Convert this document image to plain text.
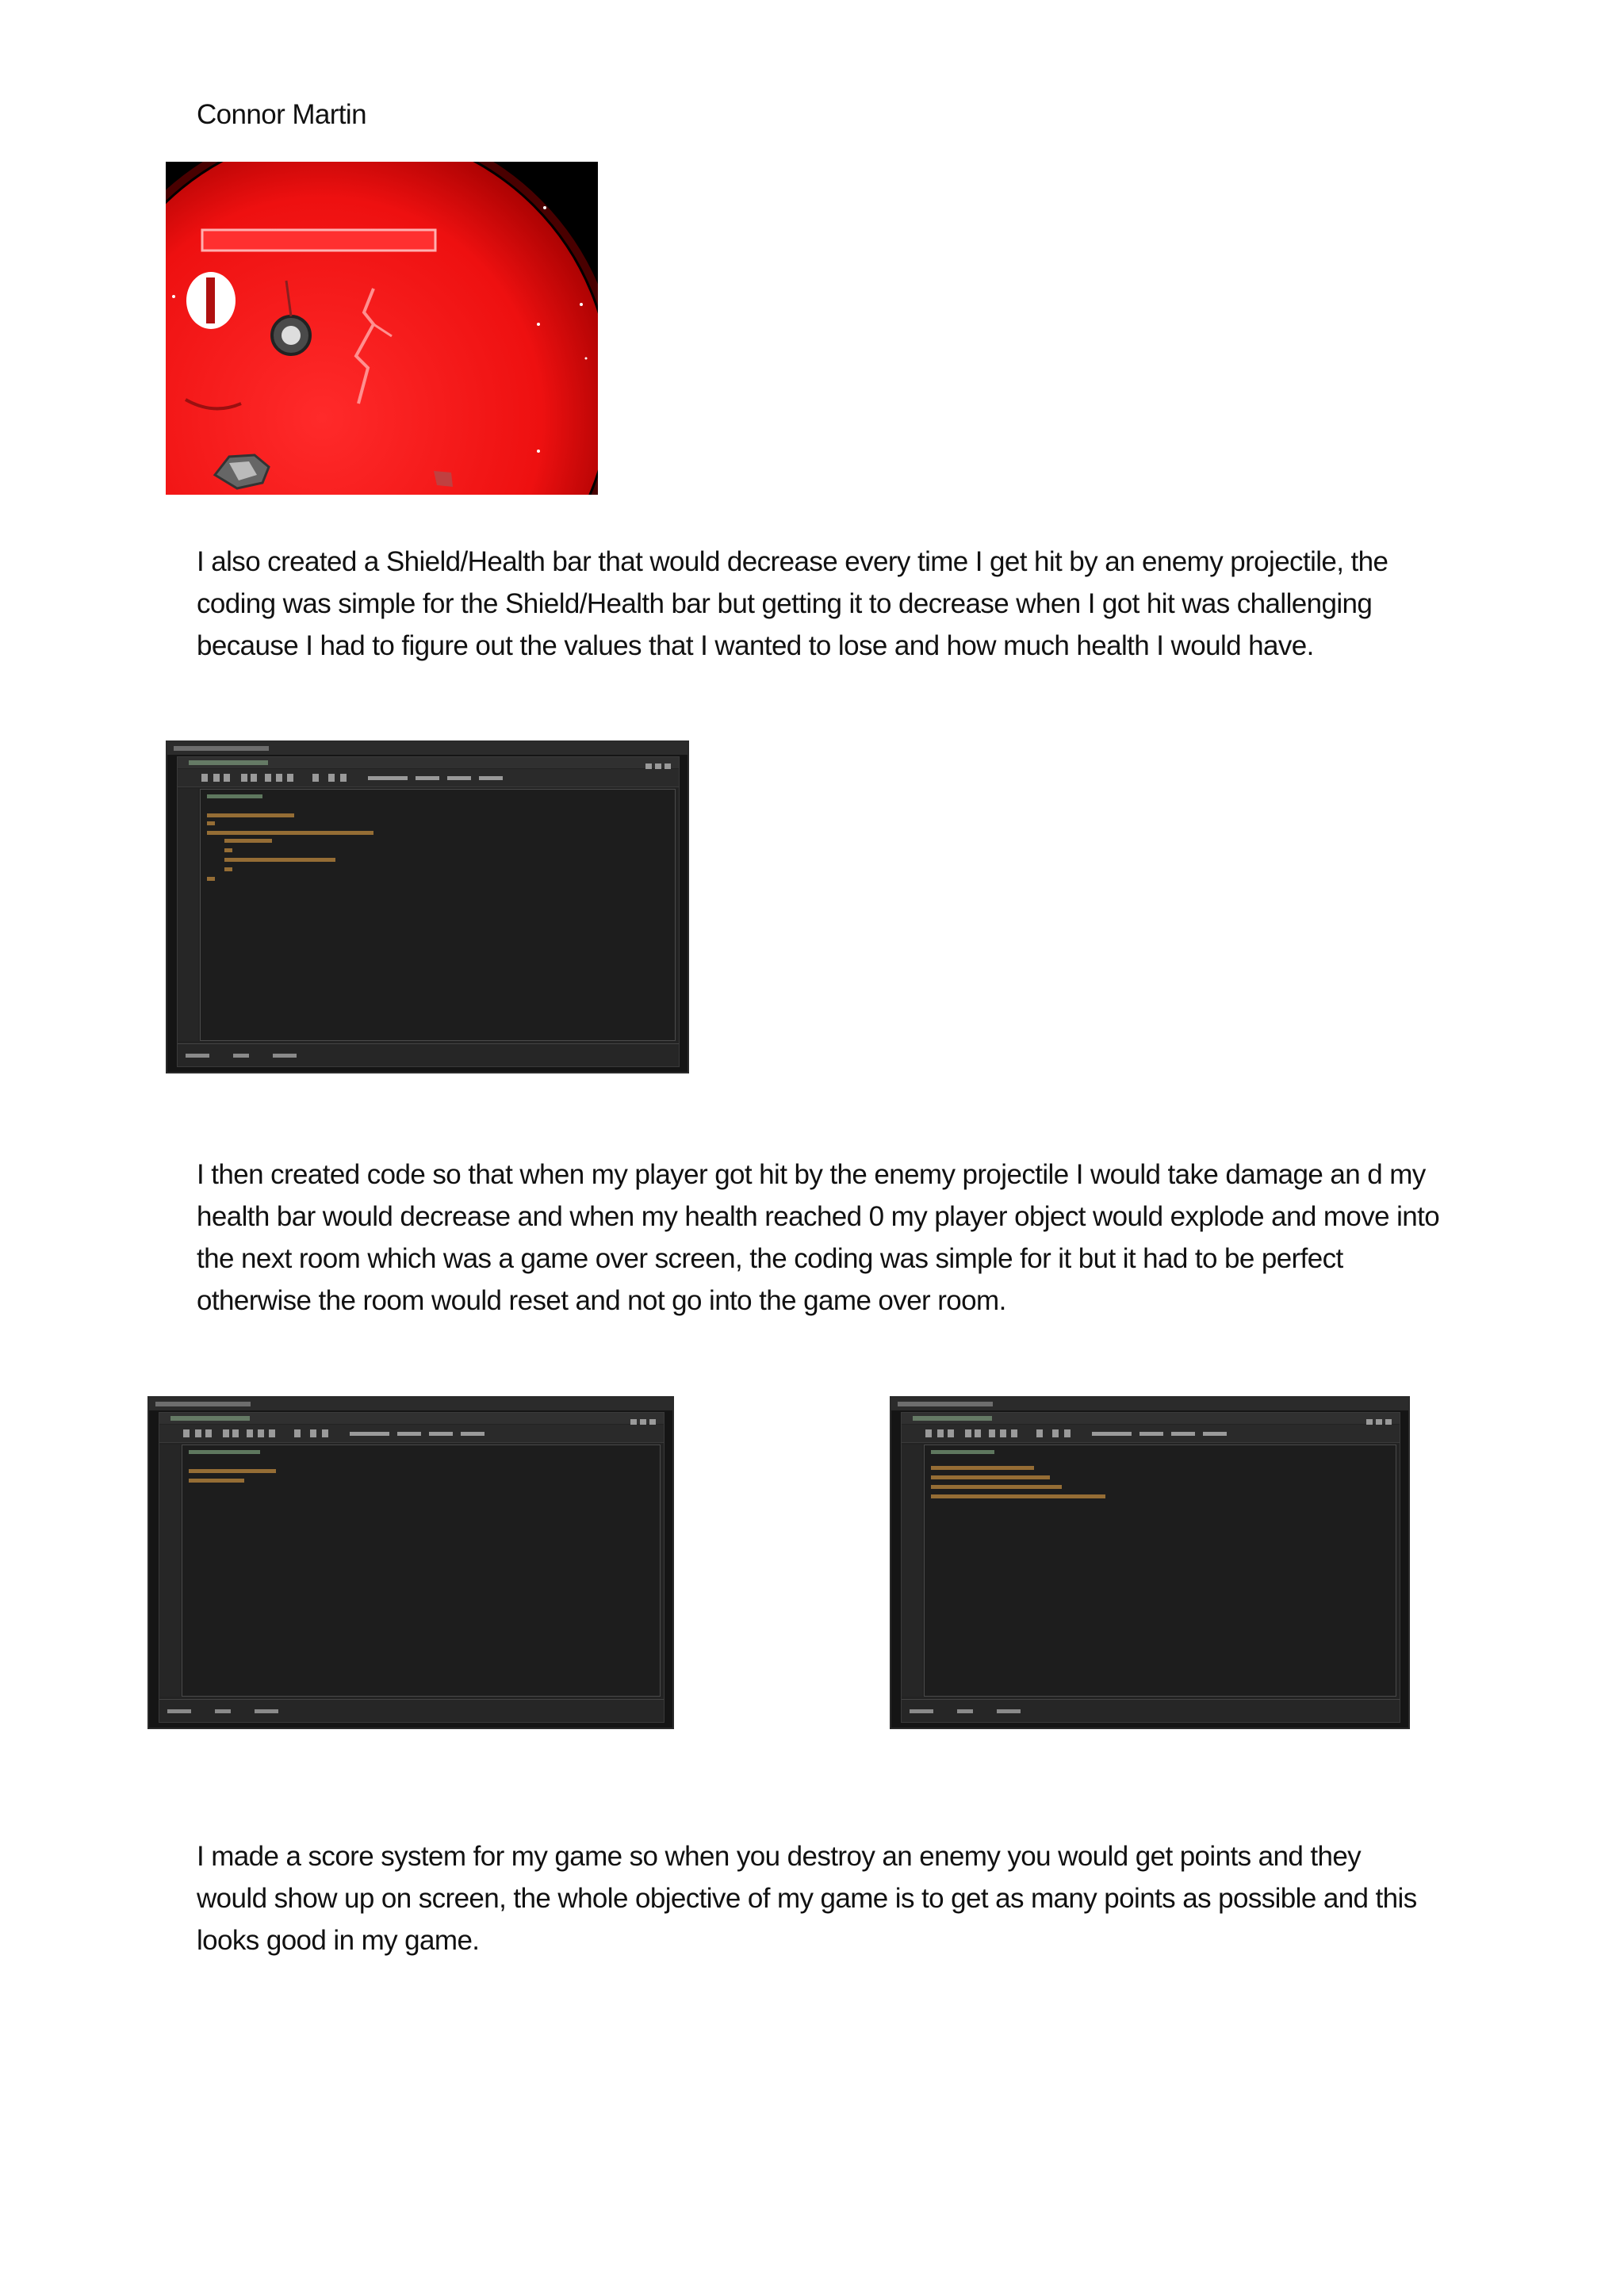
Connor Martin
I also created a Shield/Health bar that would decrease every time I get hit by an enemy projectile, the coding was simple for the Shield/Health bar but getting it to decrease when I got hit was challenging because I had to figure out the values that I wanted to lose and how much health I would have.
I then created code so that when my player got hit by the enemy projectile I would take damage an d my health bar would decrease and when my health reached 0 my player object would explode and move into the next room which was a game over screen, the coding was simple for it but it had to be perfect otherwise the room would reset and not go into the game over room.
I made a score system for my game so when you destroy an enemy you would get points and they would show up on screen, the whole objective of my game is to get as many points as possible and this looks good in my game.
